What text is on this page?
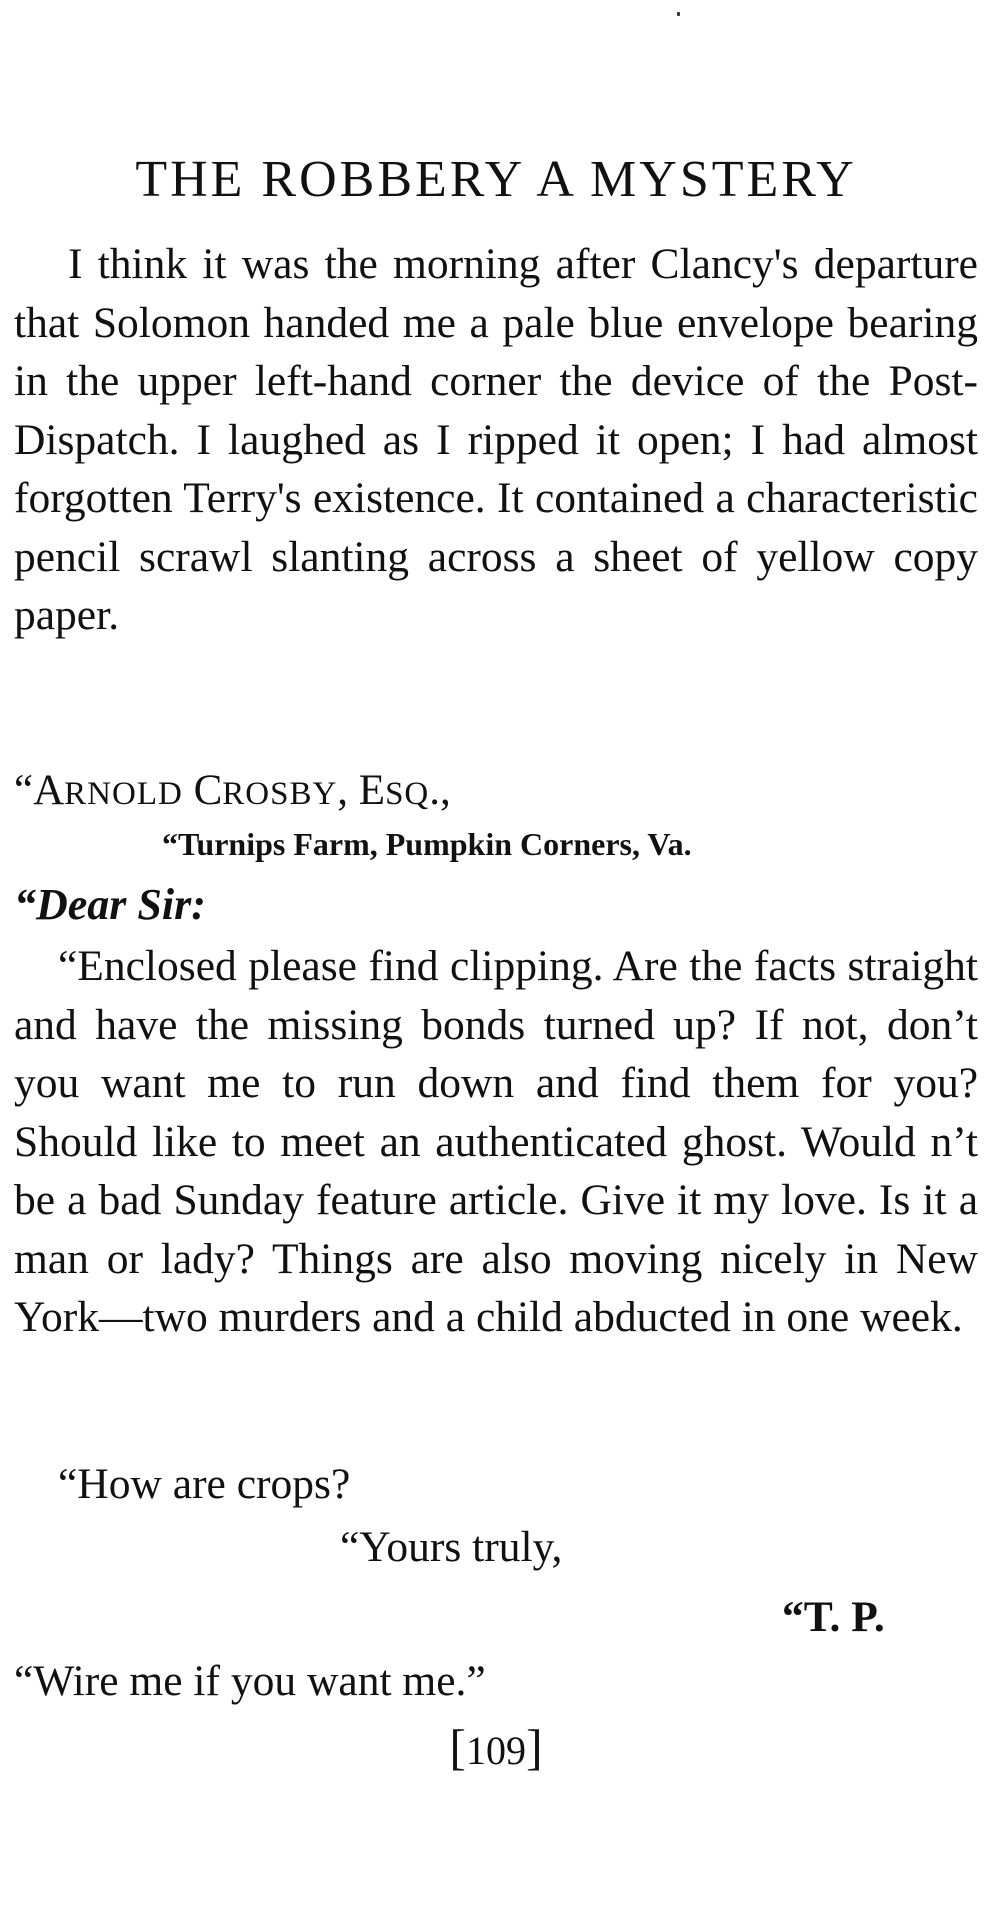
THE ROBBERY A MYSTERY

I think it was the morning after Clancy's departure that Solomon handed me a pale blue envelope bearing in the upper left-hand corner the device of the Post-Dispatch. I laughed as I ripped it open; I had almost forgotten Terry's existence. It contained a characteristic pencil scrawl slanting across a sheet of yellow copy paper.

“ARNOLD CROSBY, ESQ.,
“Turnips Farm, Pumpkin Corners, Va.
“Dear Sir:

“Enclosed please find clipping. Are the facts straight and have the missing bonds turned up? If not, don’t you want me to run down and find them for you? Should like to meet an authenticated ghost. Would n’t be a bad Sunday feature article. Give it my love. Is it a man or lady? Things are also moving nicely in New York—two murders and a child abducted in one week.

“How are crops?
“Yours truly,
“T. P.
“Wire me if you want me.”
[109]
